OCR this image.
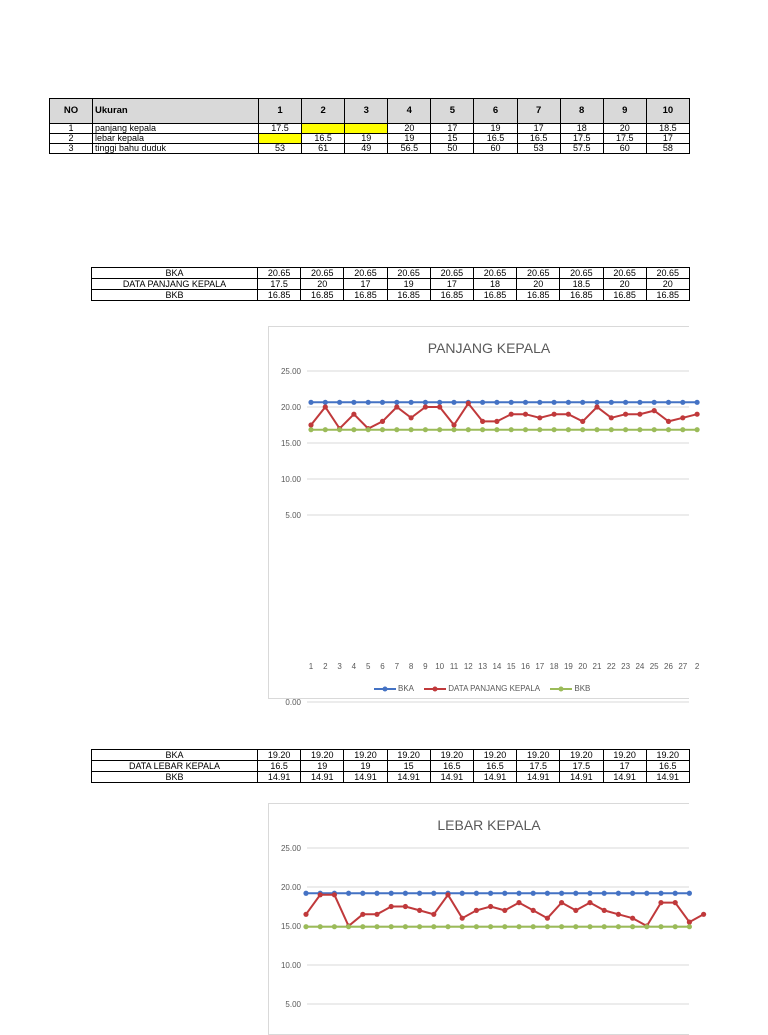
NO	Ukuran	1	2	3	4	5	6	7	8	9	10
1	panjang kepala	17.5			20	17	19	17	18	20	18.5
2	lebar kepala		16.5	19	19	15	16.5	16.5	17.5	17.5	17
3	tinggi bahu duduk	53	61	49	56.5	50	60	53	57.5	60	58
BKA	20.65	20.65	20.65	20.65	20.65	20.65	20.65	20.65	20.65	20.65
DATA PANJANG KEPALA	17.5	20	17	19	17	18	20	18.5	20	20
BKB	16.85	16.85	16.85	16.85	16.85	16.85	16.85	16.85	16.85	16.85
PANJANG KEPALA
25.00
20.00
15.00
10.00
5.00
0.00
1 2 3 4 5 6 7 8 9 10 11 12 13 14 15 16 17 18 19 20 21 22 23 24 25 26 27 2
BKA
	DATA PANJANG KEPALA
	BKB
BKA	19.20	19.20	19.20	19.20	19.20	19.20	19.20	19.20	19.20	19.20
DATA LEBAR KEPALA	16.5	19	19	15	16.5	16.5	17.5	17.5	17	16.5
BKB	14.91	14.91	14.91	14.91	14.91	14.91	14.91	14.91	14.91	14.91
LEBAR KEPALA
25.00
20.00
15.00
10.00
5.00
